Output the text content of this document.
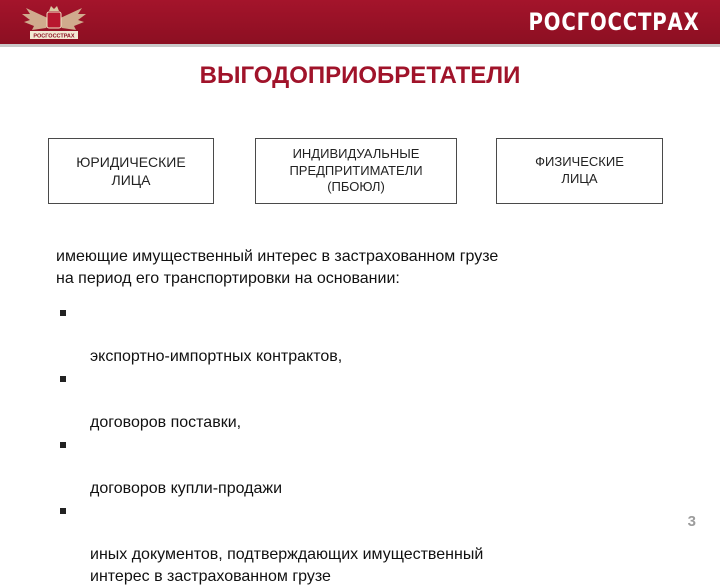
РОСГОССТРАХ
РОСГОССТРАХ
ВЫГОДОПРИОБРЕТАТЕЛИ
ЮРИДИЧЕСКИЕ
ЛИЦА
ИНДИВИДУАЛЬНЫЕ
ПРЕДПРИТИМАТЕЛИ
(ПБОЮЛ)
ФИЗИЧЕСКИЕ
ЛИЦА
имеющие имущественный интерес в застрахованном грузе
на период его транспортировки на основании:

экспортно-импортных контрактов,

договоров поставки,

договоров купли-продажи

иных документов, подтверждающих имущественный
интерес в застрахованном грузе

3
